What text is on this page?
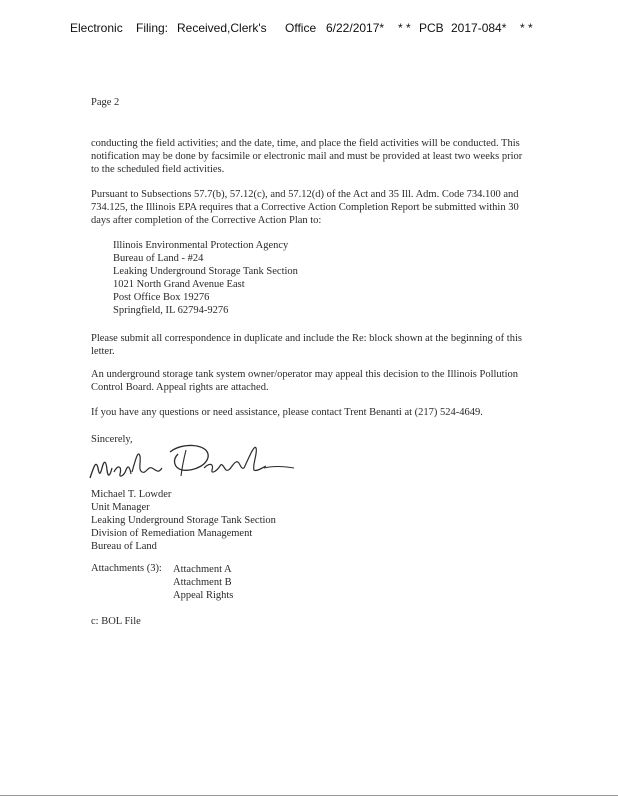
Electronic Filing: Received,Clerk's Office 6/22/2017* * * PCB 2017-084* * *
Page 2

conducting the field activities; and the date, time, and place the field activities will be conducted. This notification may be done by facsimile or electronic mail and must be provided at least two weeks prior to the scheduled field activities.

Pursuant to Subsections 57.7(b), 57.12(c), and 57.12(d) of the Act and 35 Ill. Adm. Code 734.100 and 734.125, the Illinois EPA requires that a Corrective Action Completion Report be submitted within 30 days after completion of the Corrective Action Plan to:

Illinois Environmental Protection Agency
Bureau of Land - #24
Leaking Underground Storage Tank Section
1021 North Grand Avenue East
Post Office Box 19276
Springfield, IL 62794-9276

Please submit all correspondence in duplicate and include the Re: block shown at the beginning of this letter.

An underground storage tank system owner/operator may appeal this decision to the Illinois Pollution Control Board. Appeal rights are attached.

If you have any questions or need assistance, please contact Trent Benanti at (217) 524-4649.

Sincerely,
Michael T. Lowder
Unit Manager
Leaking Underground Storage Tank Section
Division of Remediation Management
Bureau of Land
Attachments (3): Attachment A
Attachment B
Appeal Rights
c: BOL File
